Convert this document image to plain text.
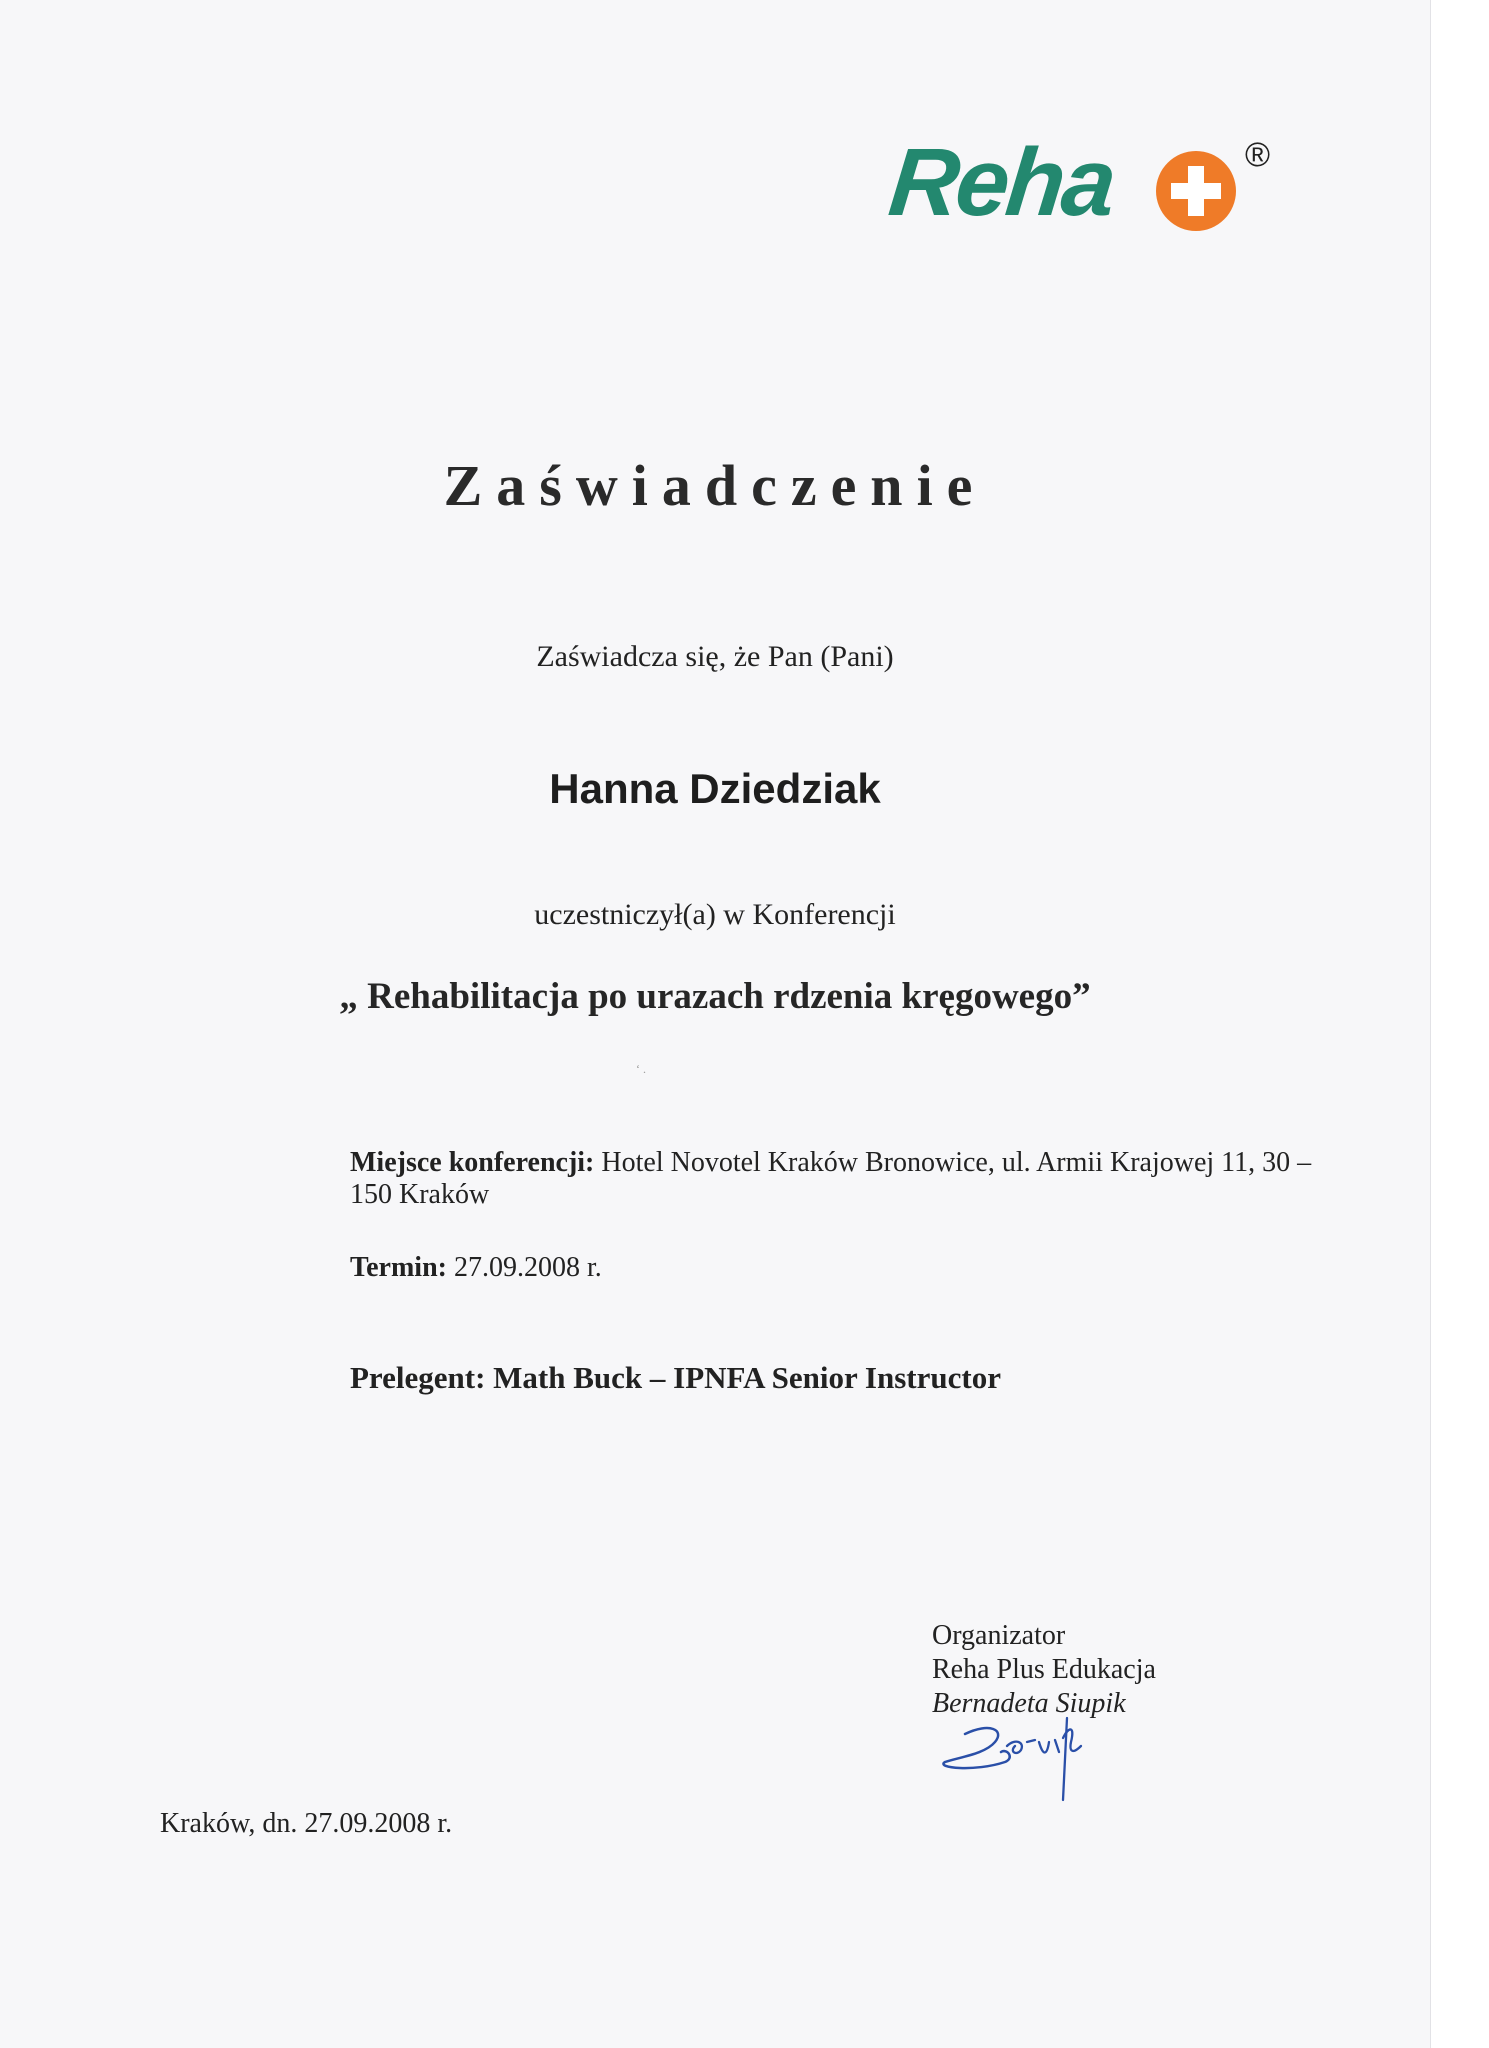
Reha	®
Zaświadczenie
Zaświadcza się, że Pan (Pani)
Hanna Dziedziak
uczestniczył(a) w Konferencji
„ Rehabilitacja po urazach rdzenia kręgowego”
‘ .
Miejsce konferencji: Hotel Novotel Kraków Bronowice, ul. Armii Krajowej 11, 30 – 150 Kraków
Termin: 27.09.2008 r.
Prelegent: Math Buck – IPNFA Senior Instructor
Organizator
Reha Plus Edukacja
Bernadeta Siupik
Kraków, dn. 27.09.2008 r.
